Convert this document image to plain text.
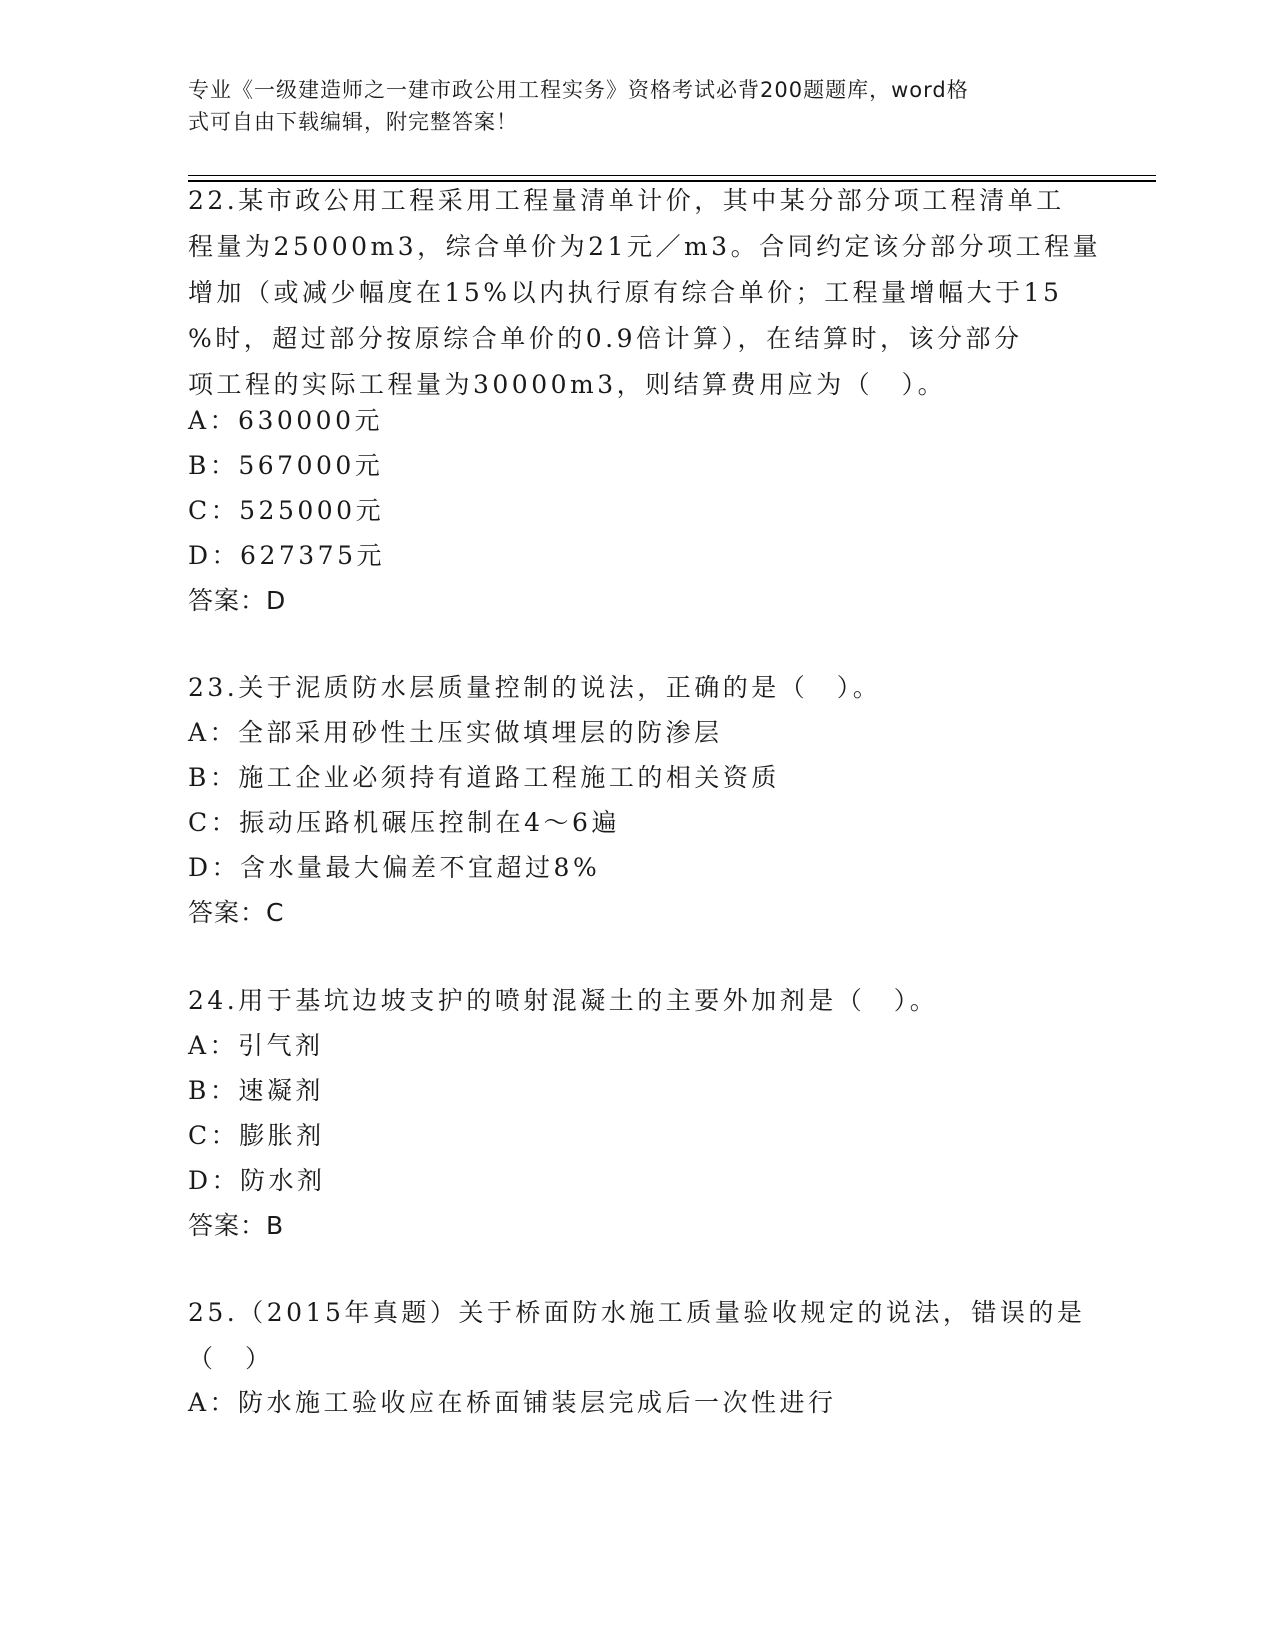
专业《一级建造师之一建市政公用工程实务》资格考试必背200题题库，word格
式可自由下载编辑，附完整答案！
22.某市政公用工程采用工程量清单计价，其中某分部分项工程清单工
程量为25000m3，综合单价为21元／m3。合同约定该分部分项工程量
增加（或减少幅度在15%以内执行原有综合单价；工程量增幅大于15
%时，超过部分按原综合单价的0.9倍计算），在结算时，该分部分
项工程的实际工程量为30000m3，则结算费用应为（　）。
A：630000元
B：567000元
C：525000元
D：627375元
答案：D
23.关于泥质防水层质量控制的说法，正确的是（　）。
A：全部采用砂性土压实做填埋层的防渗层
B：施工企业必须持有道路工程施工的相关资质
C：振动压路机碾压控制在4～6遍
D：含水量最大偏差不宜超过8%
答案：C
24.用于基坑边坡支护的喷射混凝土的主要外加剂是（　）。
A：引气剂
B：速凝剂
C：膨胀剂
D：防水剂
答案：B
25.（2015年真题）关于桥面防水施工质量验收规定的说法，错误的是
（　）
A：防水施工验收应在桥面铺装层完成后一次性进行
